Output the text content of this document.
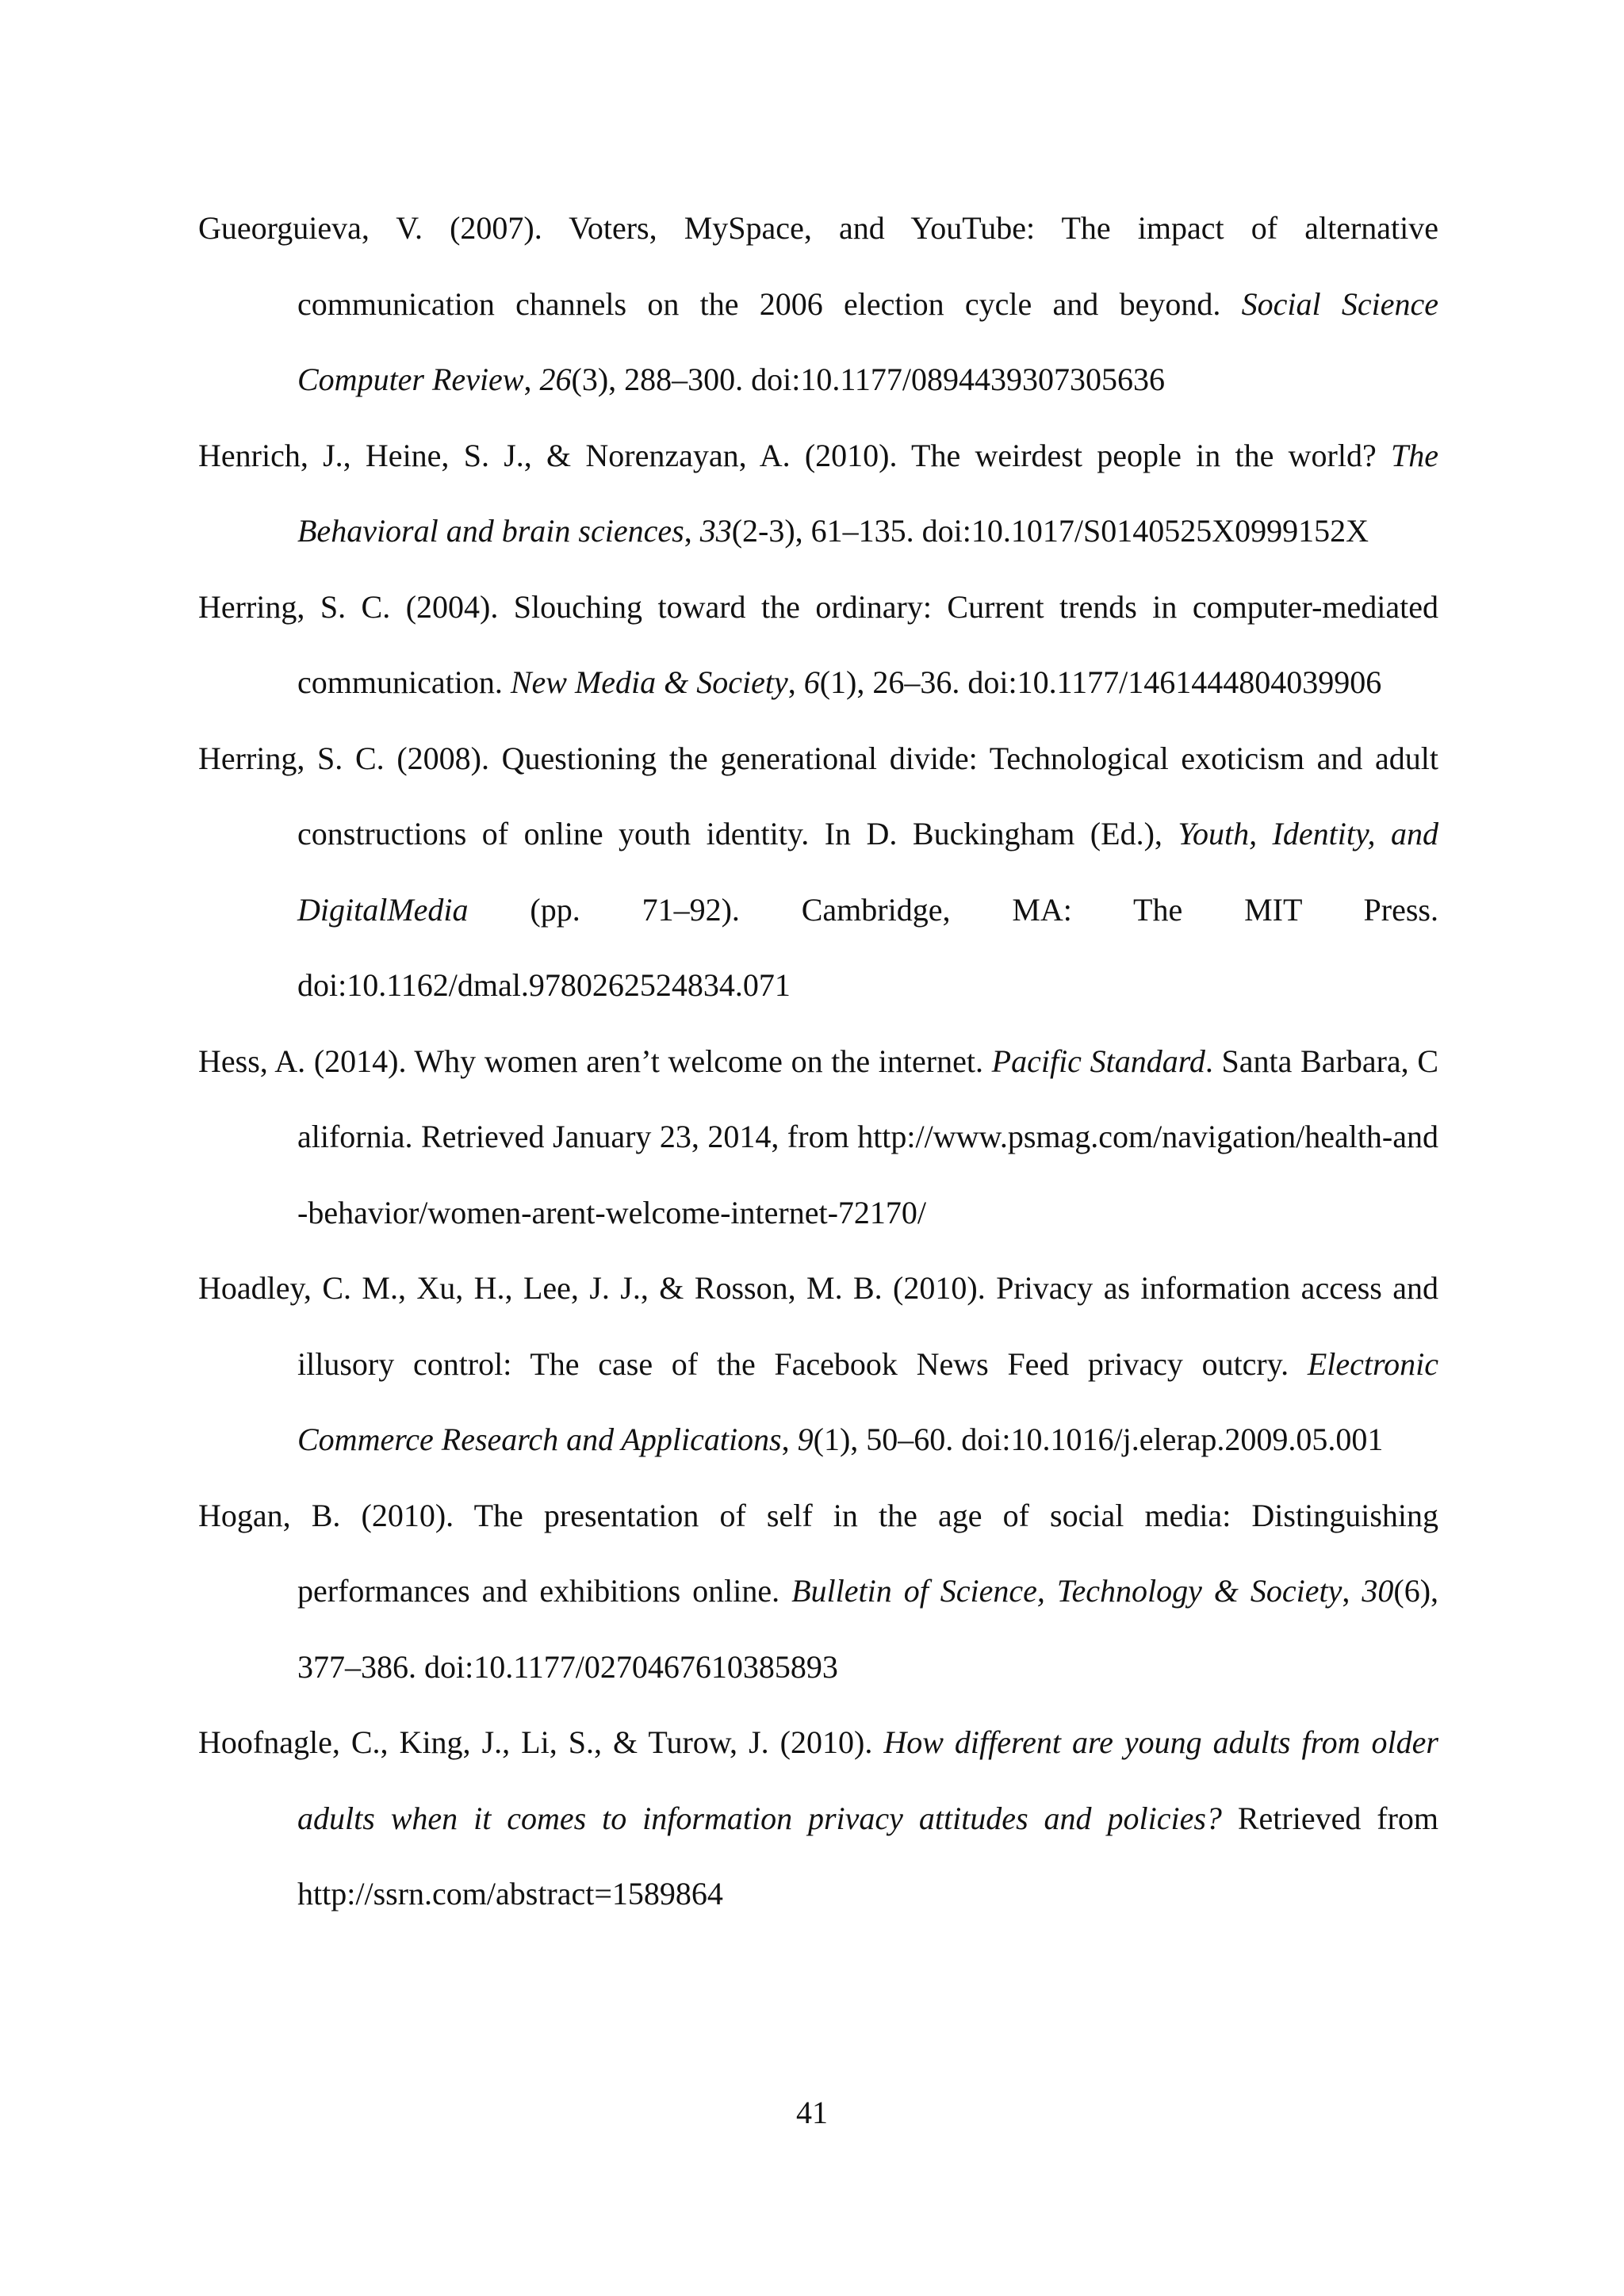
Gueorguieva, V. (2007). Voters, MySpace, and YouTube: The impact of alternative communication channels on the 2006 election cycle and beyond. Social Science Computer Review, 26(3), 288–300. doi:10.1177/0894439307305636

Henrich, J., Heine, S. J., & Norenzayan, A. (2010). The weirdest people in the world? The Behavioral and brain sciences, 33(2-3), 61–135. doi:10.1017/S0140525X0999152X

Herring, S. C. (2004). Slouching toward the ordinary: Current trends in computer-mediated communication. New Media & Society, 6(1), 26–36. doi:10.1177/1461444804039906

Herring, S. C. (2008). Questioning the generational divide: Technological exoticism and adult constructions of online youth identity. In D. Buckingham (Ed.), Youth, Identity, and DigitalMedia (pp. 71–92). Cambridge, MA: The MIT Press. doi:10.1162/dmal.9780262524834.071

Hess, A. (2014). Why women aren’t welcome on the internet. Pacific Standard. Santa Barbara, California. Retrieved January 23, 2014, from http://www.psmag.com/navigation/health-and-behavior/women-arent-welcome-internet-72170/

Hoadley, C. M., Xu, H., Lee, J. J., & Rosson, M. B. (2010). Privacy as information access and illusory control: The case of the Facebook News Feed privacy outcry. Electronic Commerce Research and Applications, 9(1), 50–60. doi:10.1016/j.elerap.2009.05.001

Hogan, B. (2010). The presentation of self in the age of social media: Distinguishing performances and exhibitions online. Bulletin of Science, Technology & Society, 30(6), 377–386. doi:10.1177/0270467610385893

Hoofnagle, C., King, J., Li, S., & Turow, J. (2010). How different are young adults from older adults when it comes to information privacy attitudes and policies? Retrieved from http://ssrn.com/abstract=1589864

41
